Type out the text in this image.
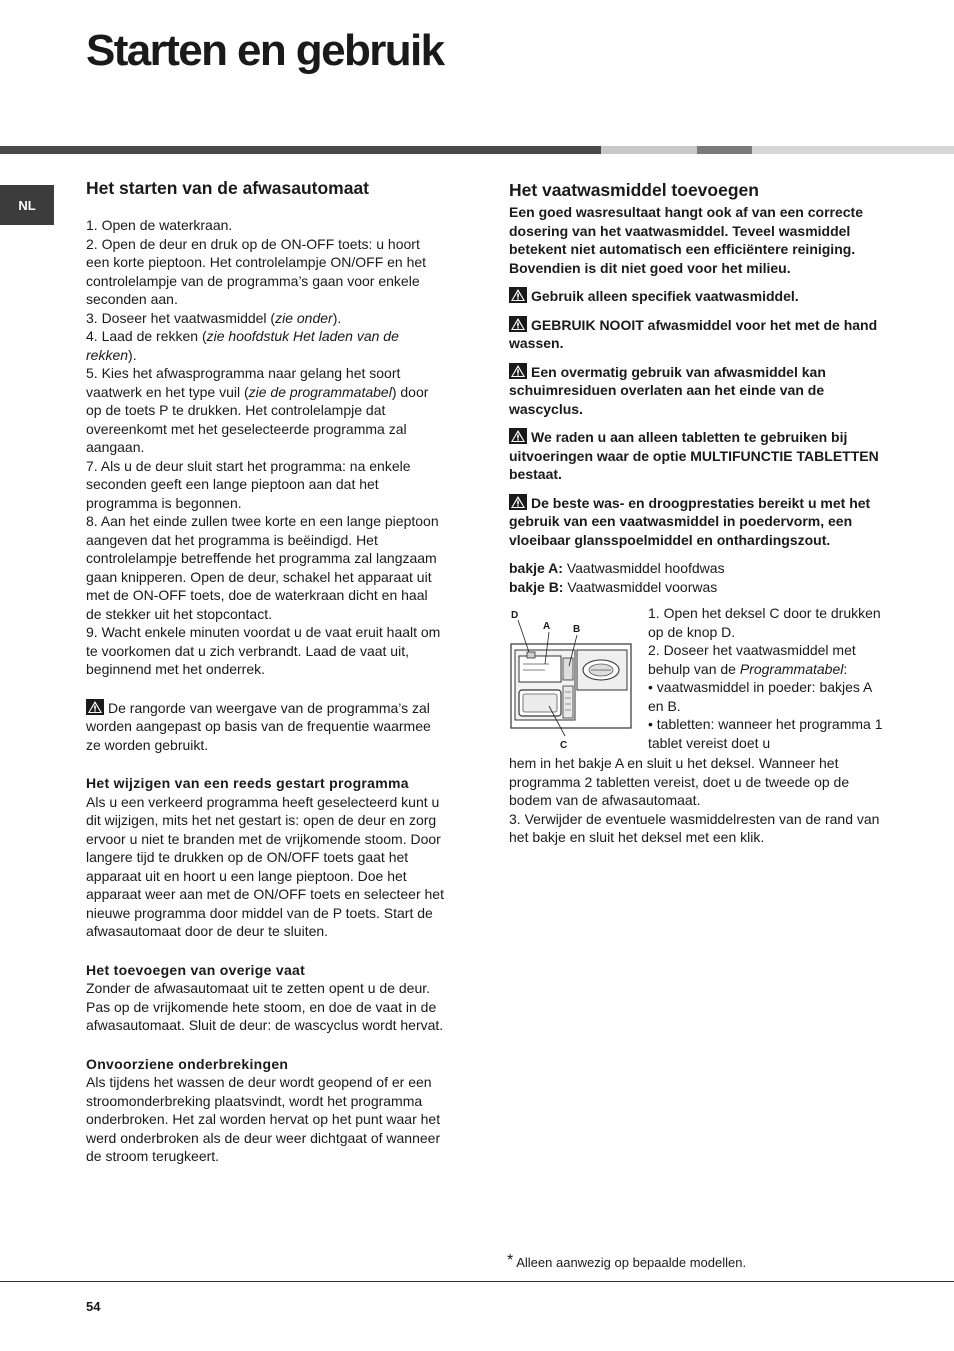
Starten en gebruik
NL
Het starten van de afwasautomaat

1. Open de waterkraan.

2. Open de deur en druk op de ON-OFF toets: u hoort een korte pieptoon. Het controlelampje ON/OFF en het controlelampje van de programma’s gaan voor enkele seconden aan.

3. Doseer het vaatwasmiddel (zie onder).

4. Laad de rekken (zie hoofdstuk Het laden van de rekken).

5. Kies het afwasprogramma naar gelang het soort vaatwerk en het type vuil (zie de programmatabel) door op de toets P te drukken. Het controlelampje dat overeenkomt met het geselecteerde programma zal aangaan.

7. Als u de deur sluit start het programma: na enkele seconden geeft een lange pieptoon aan dat het programma is begonnen.

8. Aan het einde zullen twee korte en een lange pieptoon aangeven dat het programma is beëindigd. Het controlelampje betreffende het programma zal langzaam gaan knipperen. Open de deur, schakel het apparaat uit met de ON-OFF toets, doe de waterkraan dicht en haal de stekker uit het stopcontact.

9. Wacht enkele minuten voordat u de vaat eruit haalt om te voorkomen dat u zich verbrandt. Laad de vaat uit, beginnend met het onderrek.

De rangorde van weergave van de programma’s zal worden aangepast op basis van de frequentie waarmee ze worden gebruikt.

Het wijzigen van een reeds gestart programma

Als u een verkeerd programma heeft geselecteerd kunt u dit wijzigen, mits het net gestart is: open de deur en zorg ervoor u niet te branden met de vrijkomende stoom. Door langere tijd te drukken op de ON/OFF toets gaat het apparaat uit en hoort u een lange pieptoon. Doe het apparaat weer aan met de ON/OFF toets en selecteer het nieuwe programma door middel van de P toets. Start de afwasautomaat door de deur te sluiten.

Het toevoegen van overige vaat

Zonder de afwasautomaat uit te zetten opent u de deur. Pas op de vrijkomende hete stoom, en doe de vaat in de afwasautomaat. Sluit de deur: de wascyclus wordt hervat.

Onvoorziene onderbrekingen

Als tijdens het wassen de deur wordt geopend of er een stroomonderbreking plaatsvindt, wordt het programma onderbroken. Het zal worden hervat op het punt waar het werd onderbroken als de deur weer dichtgaat of wanneer de stroom terugkeert.

Het vaatwasmiddel toevoegen

Een goed wasresultaat hangt ook af van een correcte dosering van het vaatwasmiddel. Teveel wasmiddel betekent niet automatisch een efficiëntere reiniging. Bovendien is dit niet goed voor het milieu.

Gebruik alleen specifiek vaatwasmiddel.

GEBRUIK NOOIT afwasmiddel voor het met de hand wassen.

Een overmatig gebruik van afwasmiddel kan schuimresiduen overlaten aan het einde van de wascyclus.

We raden u aan alleen tabletten te gebruiken bij uitvoeringen waar de optie MULTIFUNCTIE TABLETTEN bestaat.

De beste was- en droogprestaties bereikt u met het gebruik van een vaatwasmiddel in poedervorm, een vloeibaar glansspoelmiddel en onthardingszout.

bakje A: Vaatwasmiddel hoofdwas

bakje B: Vaatwasmiddel voorwas

D
A B
C

1. Open het deksel C door te drukken op de knop D.

2. Doseer het vaatwasmiddel met behulp van de Programmatabel:

• vaatwasmiddel in poeder: bakjes A en B.

• tabletten: wanneer het programma 1 tablet vereist doet u

hem in het bakje A en sluit u het deksel. Wanneer het programma 2 tabletten vereist, doet u de tweede op de bodem van de afwasautomaat.

3. Verwijder de eventuele wasmiddelresten van de rand van het bakje en sluit het deksel met een klik.

* Alleen aanwezig op bepaalde modellen.
54
